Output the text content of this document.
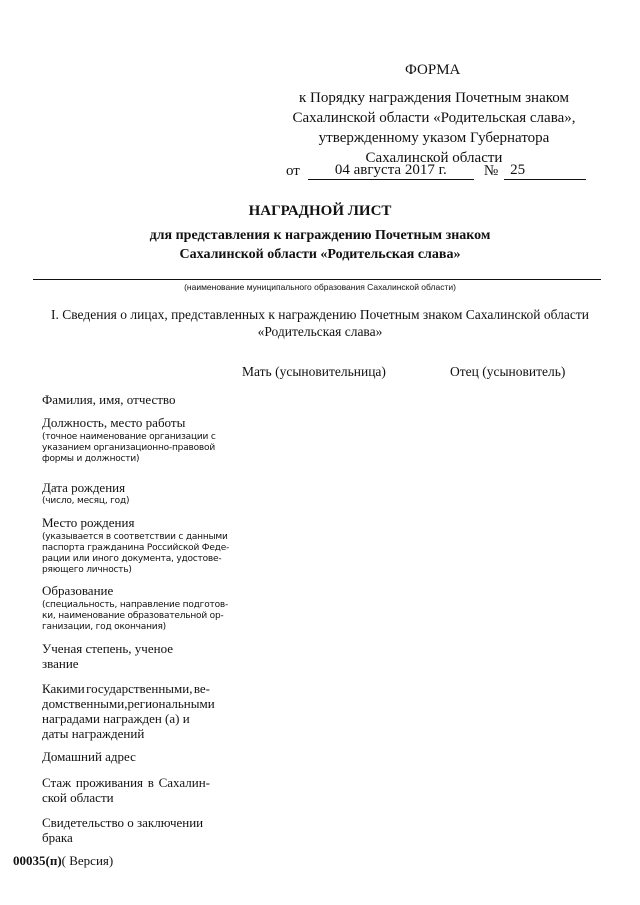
ФОРМА
к Порядку награждения Почетным знаком
Сахалинской области «Родительская слава»,
утвержденному указом Губернатора
Сахалинской области
от	04 августа 2017 г.	№ 25
НАГРАДНОЙ ЛИСТ
для представления к награждению Почетным знаком
Сахалинской области «Родительская слава»
(наименование муниципального образования Сахалинской области)
I. Сведения о лицах, представленных к награждению Почетным знаком Сахалинской области
«Родительская слава»
Мать (усыновительница)	Отец (усыновитель)
Фамилия, имя, отчество
Должность, место работы
(точное наименование организации с
указанием организационно-правовой
формы и должности)
Дата рождения
(число, месяц, год)
Место рождения
(указывается в соответствии с данными
паспорта гражданина Российской Феде-
рации или иного документа, удостове-
ряющего личность)
Образование
(специальность, направление подготов-
ки, наименование образовательной ор-
ганизации, год окончания)
Ученая степень, ученое
звание
Какими государственными, ве-
домственными, региональными
наградами награжден (а) и
даты награждений
Домашний адрес
Стаж проживания в Сахалин-
ской области
Свидетельство о заключении
брака
00035(п)( Версия)
